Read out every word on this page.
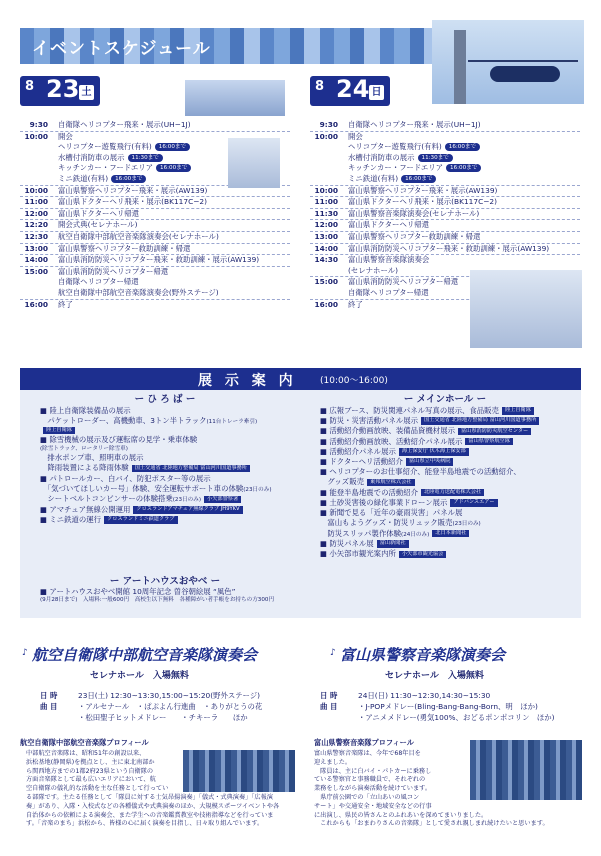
イベントスケジュール
8 23 土	8 24 日
9:30	自衛隊ヘリコプター飛来・展示(UH−1J)
10:00	開会
ヘリコプター遊覧飛行(有料) 16:00まで
水槽付消防車の展示 11:30まで
キッチンカー・フードエリア 16:00まで
ミニ鉄道(有料) 16:00まで
10:00	富山県警察ヘリコプター飛来・展示(AW139)
11:00	富山県ドクターヘリ飛来・展示(BK117C−2)
12:00	富山県ドクターヘリ帰還
12:20	開会式典(セレナホール)
12:30	航空自衛隊中部航空音楽隊演奏会(セレナホール)
13:00	富山県警察ヘリコプター救助訓練・帰還
14:00	富山県消防防災ヘリコプター飛来・救助訓練・展示(AW139)
15:00	富山県消防防災ヘリコプター帰還
自衛隊ヘリコプター帰還
航空自衛隊中部航空音楽隊演奏会(野外ステージ)
16:00	終了
9:30	自衛隊ヘリコプター飛来・展示(UH−1J)
10:00	開会
ヘリコプター遊覧飛行(有料) 16:00まで
水槽付消防車の展示 11:30まで
キッチンカー・フードエリア 16:00まで
ミニ鉄道(有料) 16:00まで
10:00	富山県警察ヘリコプター飛来・展示(AW139)
11:00	富山県ドクターヘリ飛来・展示(BK117C−2)
11:30	富山県警察音楽隊演奏会(セレナホール)
12:00	富山県ドクターヘリ帰還
13:00	富山県警察ヘリコプター救助訓練・帰還
14:00	富山県消防防災ヘリコプター飛来・救助訓練・展示(AW139)
14:30	富山県警察音楽隊演奏会
(セレナホール)
15:00	富山県消防防災ヘリコプター帰還
自衛隊ヘリコプター帰還
16:00	終了
展 示 案 内	(10:00〜16:00)
ー ひ ろ ば ー	ー メインホール ー
■ 陸上自衛隊装備品の展示
　パケットローダー、高機動車、3トン半トラック(11台トレーラ牽引)
陸上自衛隊
■ 除雪機械の展示及び運転席の見学・乗車体験
(除雪トラック、ロータリー除雪車)
　排水ポンプ車、照明車の展示
　降雨装置による降雨体験 国土交通省 北陸地方整備局 富山河川国道事務所
■ パトロールカー、白バイ、防犯ポスター等の展示
　「気づいてほしいカー号」体験、安全運転サポート車の体験(23日のみ)
　シートベルトコンビンサーの体験搭乗(23日のみ) 小矢部警察署
■ アマチュア無線公開運用 クロスランドアマチュア無線クラブ JH9YKV
■ ミニ鉄道の運行 クロスランドミニ鉄道クラブ
ー アートハウスおやべ ー
■ アートハウスおやべ開館 10周年記念 曽谷朝絵展 “風色”
(9月28日まで)　入場料:一般600円　高校生以下無料　各種障がい者手帳をお持ちの方300円
■ 広報ブース、防災関連パネル写真の展示、食品販売 陸上自衛隊
■ 防災・災害活動パネル展示 国土交通省 北陸地方整備局 富山河川国道事務所
■ 活動紹介動画放映、装備品資機材展示 富山県消防防災航空センター
■ 活動紹介動画放映、活動紹介パネル展示 富山県警察航空隊
■ 活動紹介パネル展示 海上保安庁 伏木海上保安部
■ ドクターヘリ活動紹介 富山県立中央病院
■ ヘリコプターのお仕事紹介、能登半島地震での活動紹介、
　グッズ販売 東邦航空株式会社
■ 能登半島地震での活動紹介 北陸電力送配電株式会社
■ 土砂災害後の緑化事業ドローン展示 アドバンスエアー
■ 新聞で見る「近年の豪雨災害」パネル展
　富山もようグッズ・防災リュック販売(23日のみ)
　防災スリッパ製作体験(24日のみ) 北日本新聞社
■ 防災パネル展 富山新聞社
■ 小矢部市観光案内所 小矢部市観光協会
♪ 航空自衛隊中部航空音楽隊演奏会
セレナホール　入場無料
日 時	23日(土) 12:30~13:30,15:00~15:20(野外ステージ)
曲 目	・アルセナール　・ぱぷよん行進曲　・ありがとうの花
・松田聖子ヒットメドレー　　・チキーラ　　ほか
航空自衛隊中部航空音楽隊プロフィール
中部航空音楽隊は、昭和51年の創設以来、
浜松基地(静岡県)を拠点とし、主に東北南部か
ら関西地方までの1都2府23県という自衛隊の
方面音楽隊として最も広いエリアにおいて、航
空自衛隊の儀礼的な活動を主な任務として行ってい
る部隊です。主たる任務として「隊員に対する士気昂揚演奏」「儀式・式典演奏」「広報演
奏」があり、入隊・入校式などの各種儀式や式典演奏のほか、大規模スポーツイベントや各
自治体からの依頼による演奏会、また学生への音楽鑑賞教室や技術指導などを行っていま
す。「音楽のまち」浜松から、皆様の心に届く演奏を目指し、日々取り組んでいます。
♪ 富山県警察音楽隊演奏会
セレナホール　入場無料
日 時	24日(日) 11:30~12:30,14:30~15:30
曲 目	・J-POPメドレー(Bling-Bang-Bang-Born、明　ほか)
・アニメメドレー(勇気100%、おどるポンポコリン　ほか)
富山県警察音楽隊プロフィール
富山県警察音楽隊は、今年で68年目を
迎えました。
　隊員は、主に白バイ・パトカーに乗務し
ている警察官と事務職員で、それぞれの
業務をしながら演奏活動を続けています。
　県庁前公園での「立山あいの風コン
サート」や交通安全・地域安全などの行事
に出演し、県民の皆さんとのふれあいを深めてまいりました。
　これからも「おまわりさんの音楽隊」として愛され親しまれ続けたいと思います。
